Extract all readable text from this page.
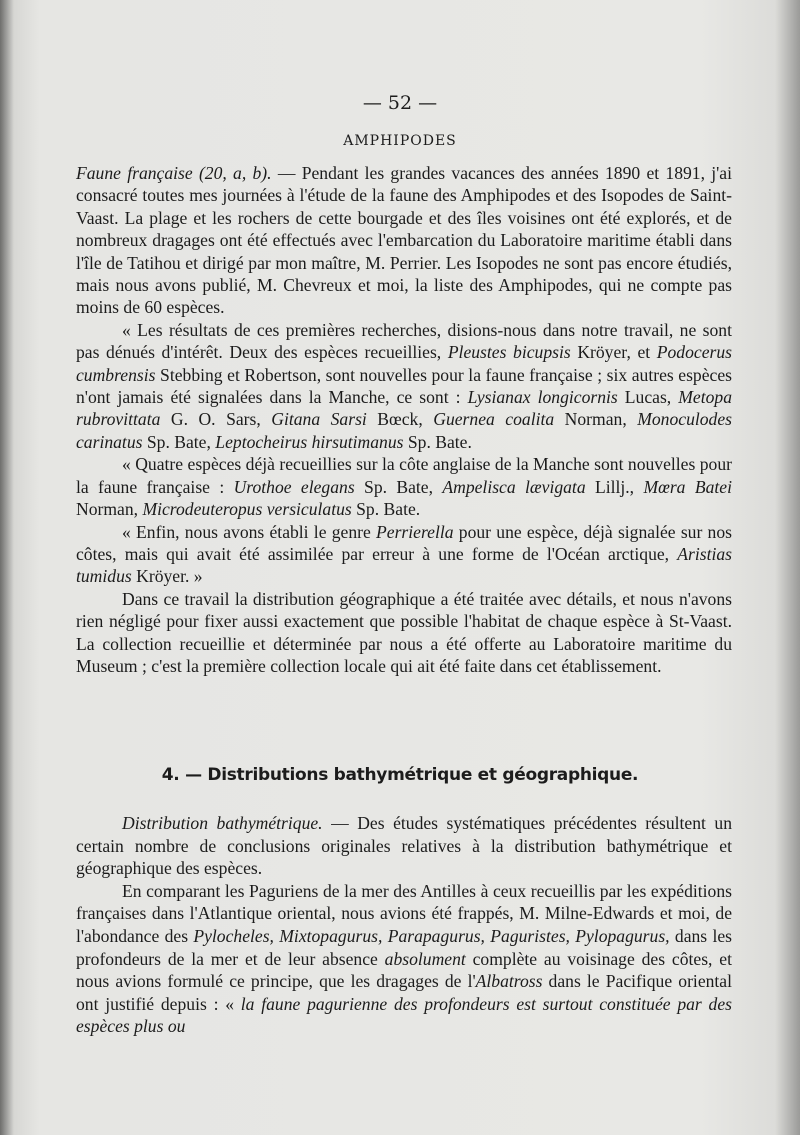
— 52 —
AMPHIPODES

Faune française (20, a, b). — Pendant les grandes vacances des années 1890 et 1891, j'ai consacré toutes mes journées à l'étude de la faune des Amphipodes et des Isopodes de Saint-Vaast. La plage et les rochers de cette bourgade et des îles voisines ont été explorés, et de nombreux dragages ont été effectués avec l'embarcation du Laboratoire maritime établi dans l'île de Tatihou et dirigé par mon maître, M. Perrier. Les Isopodes ne sont pas encore étudiés, mais nous avons publié, M. Chevreux et moi, la liste des Amphipodes, qui ne compte pas moins de 60 espèces.

« Les résultats de ces premières recherches, disions-nous dans notre travail, ne sont pas dénués d'intérêt. Deux des espèces recueillies, Pleustes bicupsis Kröyer, et Podocerus cumbrensis Stebbing et Robertson, sont nouvelles pour la faune française ; six autres espèces n'ont jamais été signalées dans la Manche, ce sont : Lysianax longicornis Lucas, Metopa rubrovittata G. O. Sars, Gitana Sarsi Bœck, Guernea coalita Norman, Monoculodes carinatus Sp. Bate, Leptocheirus hirsutimanus Sp. Bate.

« Quatre espèces déjà recueillies sur la côte anglaise de la Manche sont nouvelles pour la faune française : Urothoe elegans Sp. Bate, Ampelisca lævigata Lillj., Mœra Batei Norman, Microdeuteropus versiculatus Sp. Bate.

« Enfin, nous avons établi le genre Perrierella pour une espèce, déjà signalée sur nos côtes, mais qui avait été assimilée par erreur à une forme de l'Océan arctique, Aristias tumidus Kröyer. »

Dans ce travail la distribution géographique a été traitée avec détails, et nous n'avons rien négligé pour fixer aussi exactement que possible l'habitat de chaque espèce à St-Vaast. La collection recueillie et déterminée par nous a été offerte au Laboratoire maritime du Museum ; c'est la première collection locale qui ait été faite dans cet établissement.

4. — Distributions bathymétrique et géographique.

Distribution bathymétrique. — Des études systématiques précédentes résultent un certain nombre de conclusions originales relatives à la distribution bathymétrique et géographique des espèces.

En comparant les Paguriens de la mer des Antilles à ceux recueillis par les expéditions françaises dans l'Atlantique oriental, nous avions été frappés, M. Milne-Edwards et moi, de l'abondance des Pylocheles, Mixtopagurus, Parapagurus, Paguristes, Pylopagurus, dans les profondeurs de la mer et de leur absence absolument complète au voisinage des côtes, et nous avions formulé ce principe, que les dragages de l'Albatross dans le Pacifique oriental ont justifié depuis : « la faune pagurienne des profondeurs est surtout constituée par des espèces plus ou
